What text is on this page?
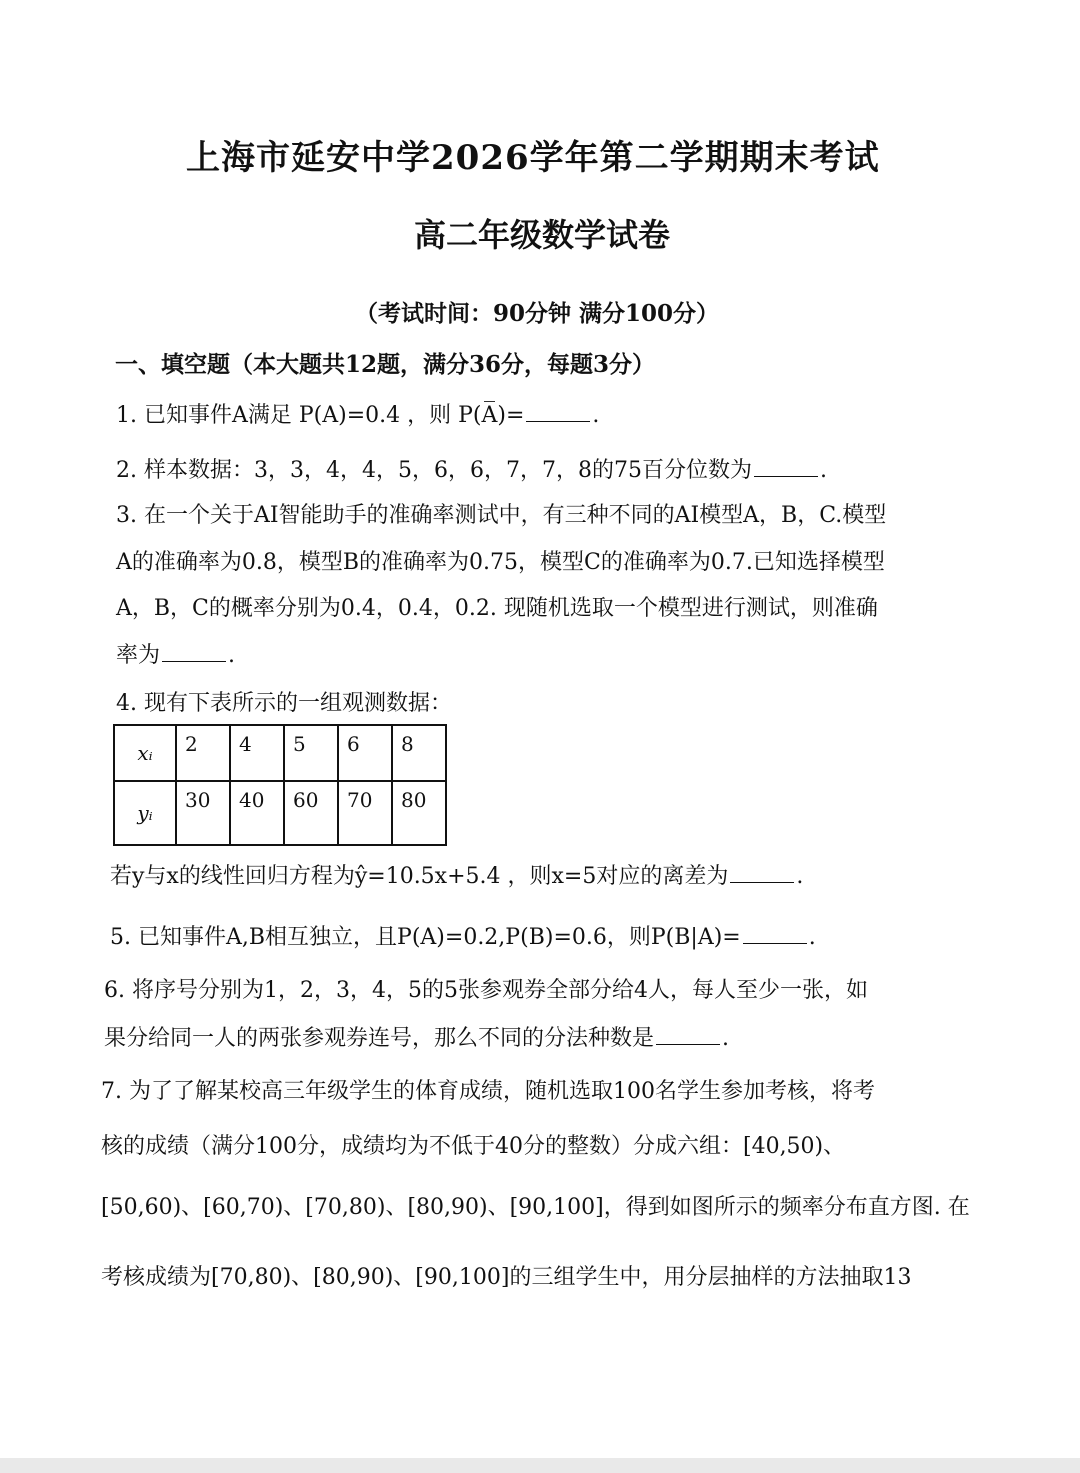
上海市延安中学2026学年第二学期期末考试
高二年级数学试卷
（考试时间：90分钟 满分100分）
一、填空题（本大题共12题，满分36分，每题3分）
1. 已知事件A满足 P(A)=0.4 ，则 P(A̅)=	.
2. 样本数据：3，3，4，4，5，6，6，7，7，8的75百分位数为	.
3. 在一个关于AI智能助手的准确率测试中，有三种不同的AI模型A，B，C.模型
A的准确率为0.8，模型B的准确率为0.75，模型C的准确率为0.7.已知选择模型
A，B，C的概率分别为0.4，0.4，0.2. 现随机选取一个模型进行测试，则准确
率为	.
4. 现有下表所示的一组观测数据：
xᵢ	2	4	5	6	8
yᵢ	30	40	60	70	80
若y与x的线性回归方程为ŷ=10.5x+5.4 ，则x=5对应的离差为	.
5. 已知事件A,B相互独立，且P(A)=0.2,P(B)=0.6，则P(B|A)=	.
6. 将序号分别为1，2，3，4，5的5张参观券全部分给4人，每人至少一张，如
果分给同一人的两张参观券连号，那么不同的分法种数是	.
7. 为了了解某校高三年级学生的体育成绩，随机选取100名学生参加考核，将考
核的成绩（满分100分，成绩均为不低于40分的整数）分成六组：[40,50)、
[50,60)、[60,70)、[70,80)、[80,90)、[90,100]，得到如图所示的频率分布直方图. 在
考核成绩为[70,80)、[80,90)、[90,100]的三组学生中，用分层抽样的方法抽取13
